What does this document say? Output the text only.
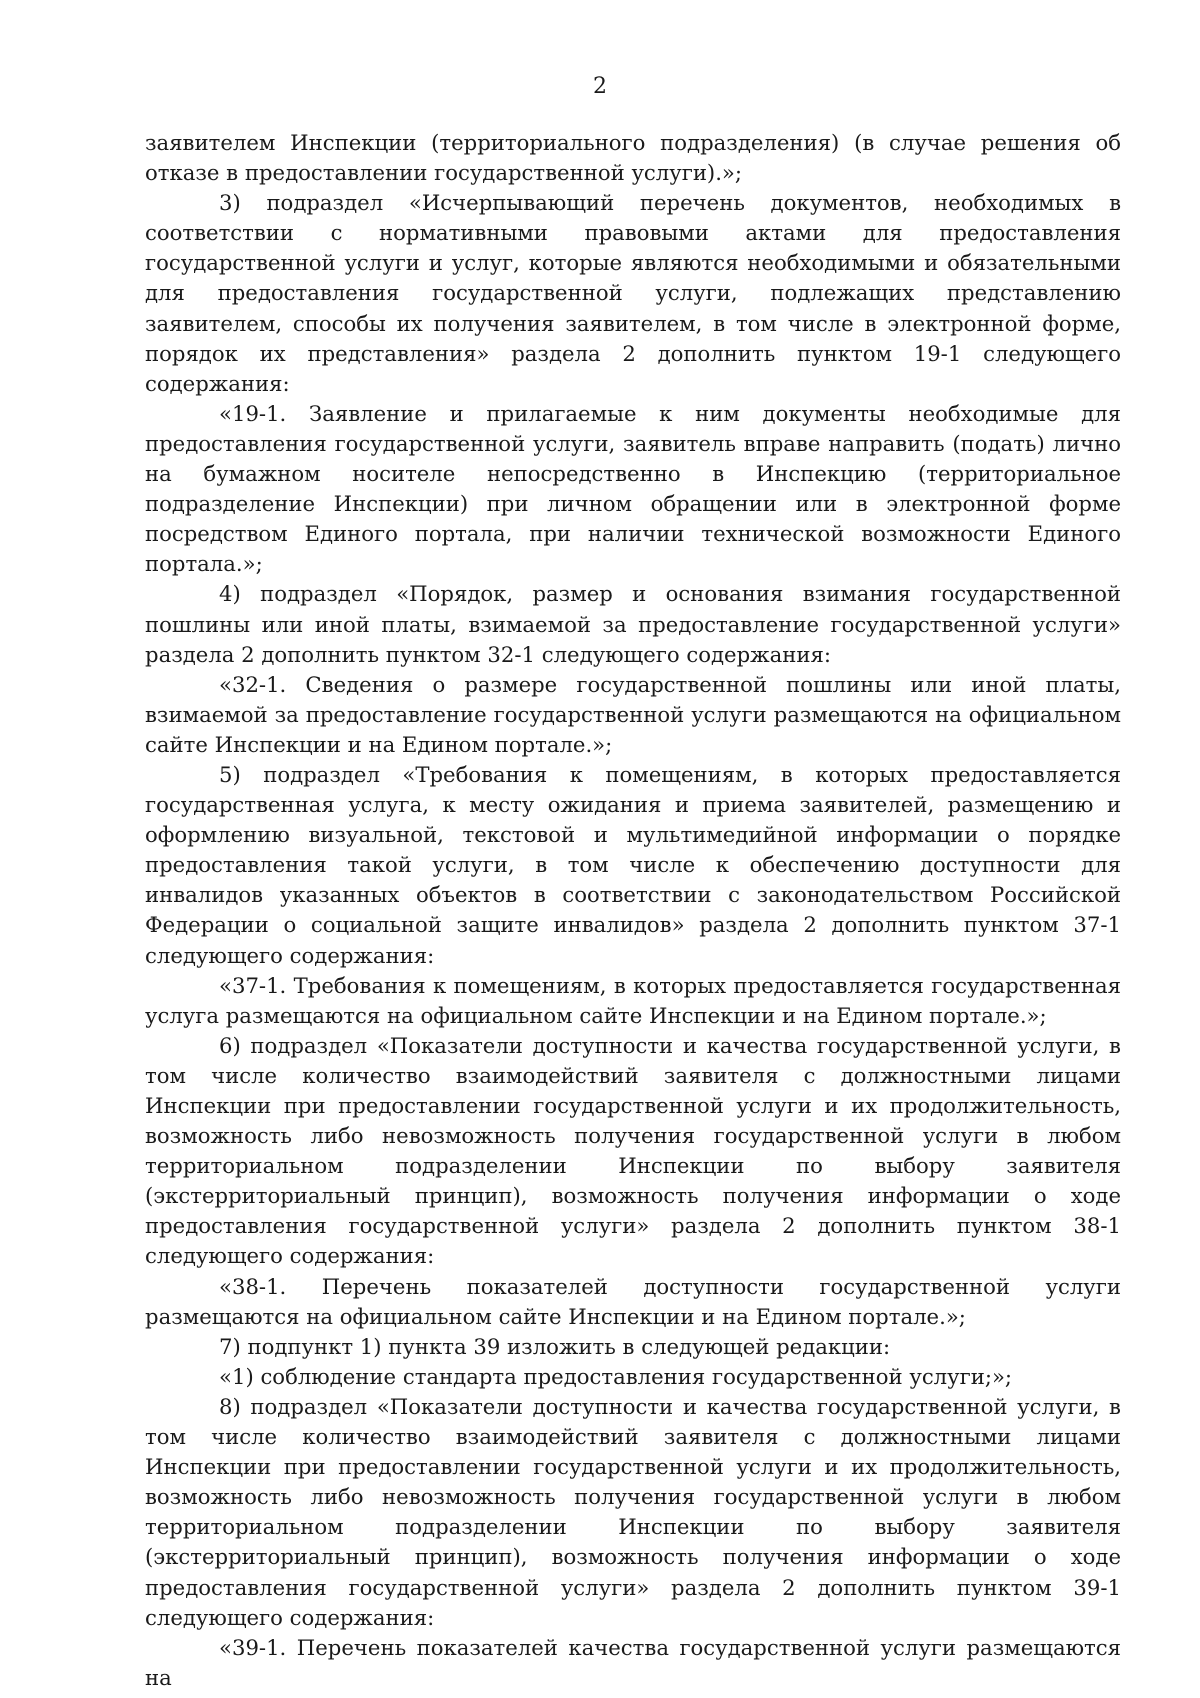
2

заявителем Инспекции (территориального подразделения) (в случае решения об отказе в предоставлении государственной услуги).»;

3) подраздел «Исчерпывающий перечень документов, необходимых в соответствии с нормативными правовыми актами для предоставления государственной услуги и услуг, которые являются необходимыми и обязательными для предоставления государственной услуги, подлежащих представлению заявителем, способы их получения заявителем, в том числе в электронной форме, порядок их представления» раздела 2 дополнить пунктом 19-1 следующего содержания:

«19-1. Заявление и прилагаемые к ним документы необходимые для предоставления государственной услуги, заявитель вправе направить (подать) лично на бумажном носителе непосредственно в Инспекцию (территориальное подразделение Инспекции) при личном обращении или в электронной форме посредством Единого портала, при наличии технической возможности Единого портала.»;

4) подраздел «Порядок, размер и основания взимания государственной пошлины или иной платы, взимаемой за предоставление государственной услуги» раздела 2 дополнить пунктом 32-1 следующего содержания:

«32-1. Сведения о размере государственной пошлины или иной платы, взимаемой за предоставление государственной услуги размещаются на официальном сайте Инспекции и на Едином портале.»;

5) подраздел «Требования к помещениям, в которых предоставляется государственная услуга, к месту ожидания и приема заявителей, размещению и оформлению визуальной, текстовой и мультимедийной информации о порядке предоставления такой услуги, в том числе к обеспечению доступности для инвалидов указанных объектов в соответствии с законодательством Российской Федерации о социальной защите инвалидов» раздела 2 дополнить пунктом 37-1 следующего содержания:

«37-1. Требования к помещениям, в которых предоставляется государственная услуга размещаются на официальном сайте Инспекции и на Едином портале.»;

6) подраздел «Показатели доступности и качества государственной услуги, в том числе количество взаимодействий заявителя с должностными лицами Инспекции при предоставлении государственной услуги и их продолжительность, возможность либо невозможность получения государственной услуги в любом территориальном подразделении Инспекции по выбору заявителя (экстерриториальный принцип), возможность получения информации о ходе предоставления государственной услуги» раздела 2 дополнить пунктом 38-1 следующего содержания:

«38-1. Перечень показателей доступности государственной услуги размещаются на официальном сайте Инспекции и на Едином портале.»;

7) подпункт 1) пункта 39 изложить в следующей редакции:

«1) соблюдение стандарта предоставления государственной услуги;»;

8) подраздел «Показатели доступности и качества государственной услуги, в том числе количество взаимодействий заявителя с должностными лицами Инспекции при предоставлении государственной услуги и их продолжительность, возможность либо невозможность получения государственной услуги в любом территориальном подразделении Инспекции по выбору заявителя (экстерриториальный принцип), возможность получения информации о ходе предоставления государственной услуги» раздела 2 дополнить пунктом 39-1 следующего содержания:

«39-1. Перечень показателей качества государственной услуги размещаются на
